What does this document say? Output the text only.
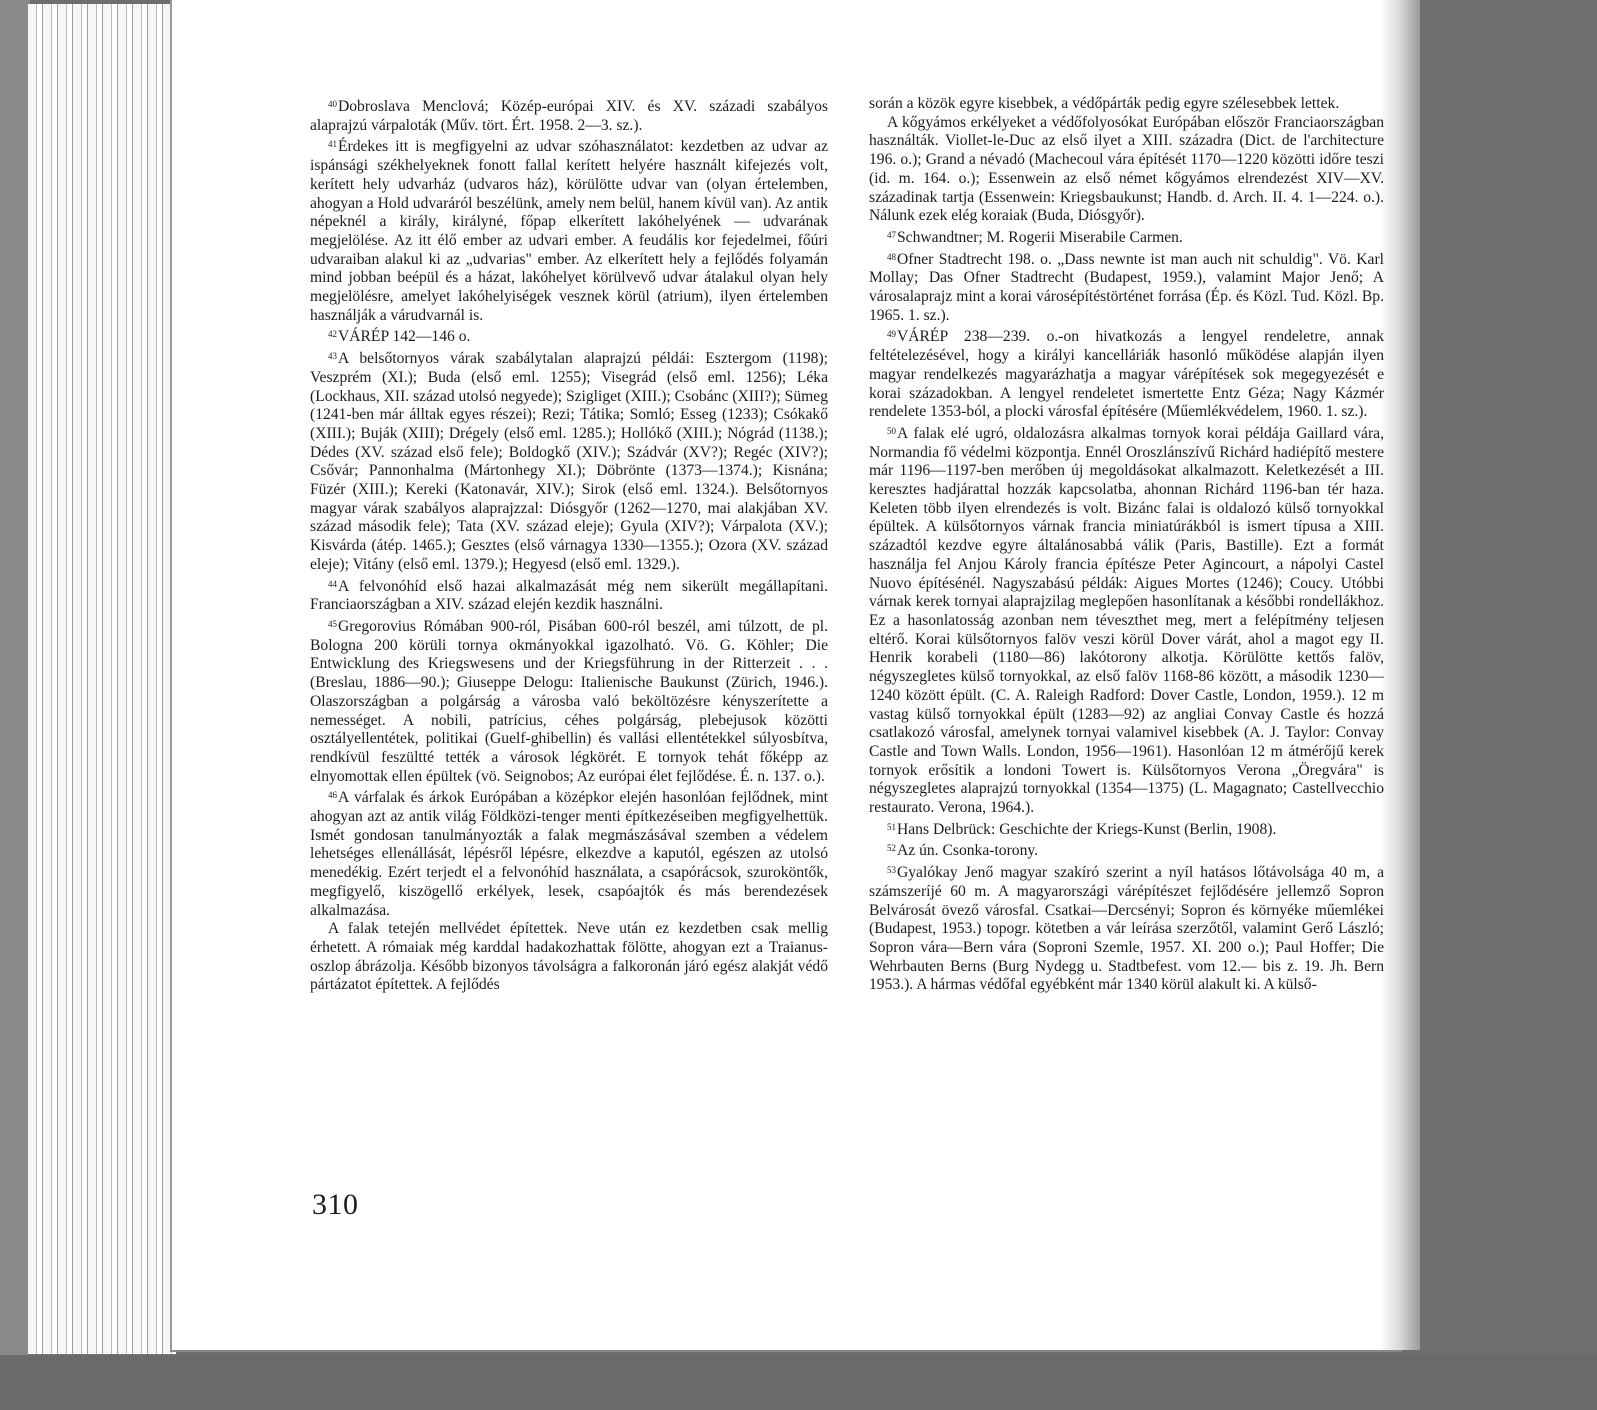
$^{40}$Dobroslava Menclová; Közép-európai XIV. és XV. századi szabályos alaprajzú várpaloták (Műv. tört. Ért. 1958. 2—3. sz.).

$^{41}$Érdekes itt is megfigyelni az udvar szóhasználatot: kezdetben az udvar az ispánsági székhelyeknek fonott fallal kerített helyére használt kifejezés volt, kerített hely udvarház (udvaros ház), körülötte udvar van (olyan értelemben, ahogyan a Hold udvaráról beszélünk, amely nem belül, hanem kívül van). Az antik népeknél a király, királyné, főpap elkerített lakóhelyének — udvarának megjelölése. Az itt élő ember az udvari ember. A feudális kor fejedelmei, főúri udvaraiban alakul ki az „udvarias" ember. Az elkerített hely a fejlődés folyamán mind jobban beépül és a házat, lakóhelyet körülvevő udvar átalakul olyan hely megjelölésre, amelyet lakóhelyiségek vesznek körül (atrium), ilyen értelemben használják a várudvarnál is.

$^{42}$VÁRÉP 142—146 o.

$^{43}$A belsőtornyos várak szabálytalan alaprajzú példái: Esztergom (1198); Veszprém (XI.); Buda (első eml. 1255); Visegrád (első eml. 1256); Léka (Lockhaus, XII. század utolsó negyede); Szigliget (XIII.); Csobánc (XIII?); Sümeg (1241-ben már álltak egyes részei); Rezi; Tátika; Somló; Esseg (1233); Csókakő (XIII.); Buják (XIII); Drégely (első eml. 1285.); Hollókő (XIII.); Nógrád (1138.); Dédes (XV. század első fele); Boldogkő (XIV.); Szádvár (XV?); Regéc (XIV?); Csővár; Pannonhalma (Mártonhegy XI.); Döbrönte (1373—1374.); Kisnána; Füzér (XIII.); Kereki (Katonavár, XIV.); Sirok (első eml. 1324.). Belsőtornyos magyar várak szabályos alaprajzzal: Diósgyőr (1262—1270, mai alakjában XV. század második fele); Tata (XV. század eleje); Gyula (XIV?); Várpalota (XV.); Kisvárda (átép. 1465.); Gesztes (első várnagya 1330—1355.); Ozora (XV. század eleje); Vitány (első eml. 1379.); Hegyesd (első eml. 1329.).

$^{44}$A felvonóhíd első hazai alkalmazását még nem sikerült megállapítani. Franciaországban a XIV. század elején kezdik használni.

$^{45}$Gregorovius Rómában 900-ról, Pisában 600-ról beszél, ami túlzott, de pl. Bologna 200 körüli tornya okmányokkal igazolható. Vö. G. Köhler; Die Entwicklung des Kriegswesens und der Kriegsführung in der Ritterzeit . . . (Breslau, 1886—90.); Giuseppe Delogu: Italienische Baukunst (Zürich, 1946.). Olaszországban a polgárság a városba való beköltözésre kényszerítette a nemességet. A nobili, patrícius, céhes polgárság, plebejusok közötti osztályellentétek, politikai (Guelf-ghibellin) és vallási ellentétekkel súlyosbítva, rendkívül feszültté tették a városok légkörét. E tornyok tehát főképp az elnyomottak ellen épültek (vö. Seignobos; Az európai élet fejlődése. É. n. 137. o.).

$^{46}$A várfalak és árkok Európában a középkor elején hasonlóan fejlődnek, mint ahogyan azt az antik világ Földközi-tenger menti építkezéseiben megfigyelhettük. Ismét gondosan tanulmányozták a falak megmászásával szemben a védelem lehetséges ellenállását, lépésről lépésre, elkezdve a kaputól, egészen az utolsó menedékig. Ezért terjedt el a felvonóhíd használata, a csapórácsok, szuroköntők, megfigyelő, kiszögellő erkélyek, lesek, csapóajtók és más berendezések alkalmazása.

A falak tetején mellvédet építettek. Neve után ez kezdetben csak mellig érhetett. A rómaiak még karddal hadakozhattak fölötte, ahogyan ezt a Traianus-oszlop ábrázolja. Később bizonyos távolságra a falkoronán járó egész alakját védő pártázatot építettek. A fejlődés

során a közök egyre kisebbek, a védőpárták pedig egyre szélesebbek lettek.

A kőgyámos erkélyeket a védőfolyosókat Európában először Franciaországban használták. Viollet-le-Duc az első ilyet a XIII. századra (Dict. de l'architecture 196. o.); Grand a névadó (Machecoul vára építését 1170—1220 közötti időre teszi (id. m. 164. o.); Essenwein az első német kőgyámos elrendezést XIV—XV. századinak tartja (Essenwein: Kriegsbaukunst; Handb. d. Arch. II. 4. 1—224. o.). Nálunk ezek elég koraiak (Buda, Diósgyőr).

$^{47}$Schwandtner; M. Rogerii Miserabile Carmen.

$^{48}$Ofner Stadtrecht 198. o. „Dass newnte ist man auch nit schuldig". Vö. Karl Mollay; Das Ofner Stadtrecht (Budapest, 1959.), valamint Major Jenő; A városalaprajz mint a korai városépítéstörténet forrása (Ép. és Közl. Tud. Közl. Bp. 1965. 1. sz.).

$^{49}$VÁRÉP 238—239. o.-on hivatkozás a lengyel rendeletre, annak feltételezésével, hogy a királyi kancelláriák hasonló működése alapján ilyen magyar rendelkezés magyarázhatja a magyar várépítések sok megegyezését e korai századokban. A lengyel rendeletet ismertette Entz Géza; Nagy Kázmér rendelete 1353-ból, a plocki városfal építésére (Műemlékvédelem, 1960. 1. sz.).

$^{50}$A falak elé ugró, oldalozásra alkalmas tornyok korai példája Gaillard vára, Normandia fő védelmi központja. Ennél Oroszlánszívű Richárd hadiépítő mestere már 1196—1197-ben merőben új megoldásokat alkalmazott. Keletkezését a III. keresztes hadjárattal hozzák kapcsolatba, ahonnan Richárd 1196-ban tér haza. Keleten több ilyen elrendezés is volt. Bizánc falai is oldalozó külső tornyokkal épültek. A külsőtornyos várnak francia miniatúrákból is ismert típusa a XIII. századtól kezdve egyre általánosabbá válik (Paris, Bastille). Ezt a formát használja fel Anjou Károly francia építésze Peter Agincourt, a nápolyi Castel Nuovo építésénél. Nagyszabású példák: Aigues Mortes (1246); Coucy. Utóbbi várnak kerek tornyai alaprajzilag meglepően hasonlítanak a későbbi rondellákhoz. Ez a hasonlatosság azonban nem téveszthet meg, mert a felépítmény teljesen eltérő. Korai külsőtornyos falöv veszi körül Dover várát, ahol a magot egy II. Henrik korabeli (1180—86) lakótorony alkotja. Körülötte kettős falöv, négyszegletes külső tornyokkal, az első falöv 1168-86 között, a második 1230—1240 között épült. (C. A. Raleigh Radford: Dover Castle, London, 1959.). 12 m vastag külső tornyokkal épült (1283—92) az angliai Convay Castle és hozzá csatlakozó városfal, amelynek tornyai valamivel kisebbek (A. J. Taylor: Convay Castle and Town Walls. London, 1956—1961). Hasonlóan 12 m átmérőjű kerek tornyok erősítik a londoni Towert is. Külsőtornyos Verona „Öregvára" is négyszegletes alaprajzú tornyokkal (1354—1375) (L. Magagnato; Castellvecchio restaurato. Verona, 1964.).

$^{51}$Hans Delbrück: Geschichte der Kriegs-Kunst (Berlin, 1908).

$^{52}$Az ún. Csonka-torony.

$^{53}$Gyalókay Jenő magyar szakíró szerint a nyíl hatásos lőtávolsága 40 m, a számszeríjé 60 m. A magyarországi várépítészet fejlődésére jellemző Sopron Belvárosát övező városfal. Csatkai—Dercsényi; Sopron és környéke műemlékei (Budapest, 1953.) topogr. kötetben a vár leírása szerzőtől, valamint Gerő László; Sopron vára—Bern vára (Soproni Szemle, 1957. XI. 200 o.); Paul Hoffer; Die Wehrbauten Berns (Burg Nydegg u. Stadtbefest. vom 12.— bis z. 19. Jh. Bern 1953.). A hármas védőfal egyébként már 1340 körül alakult ki. A külső-

310
